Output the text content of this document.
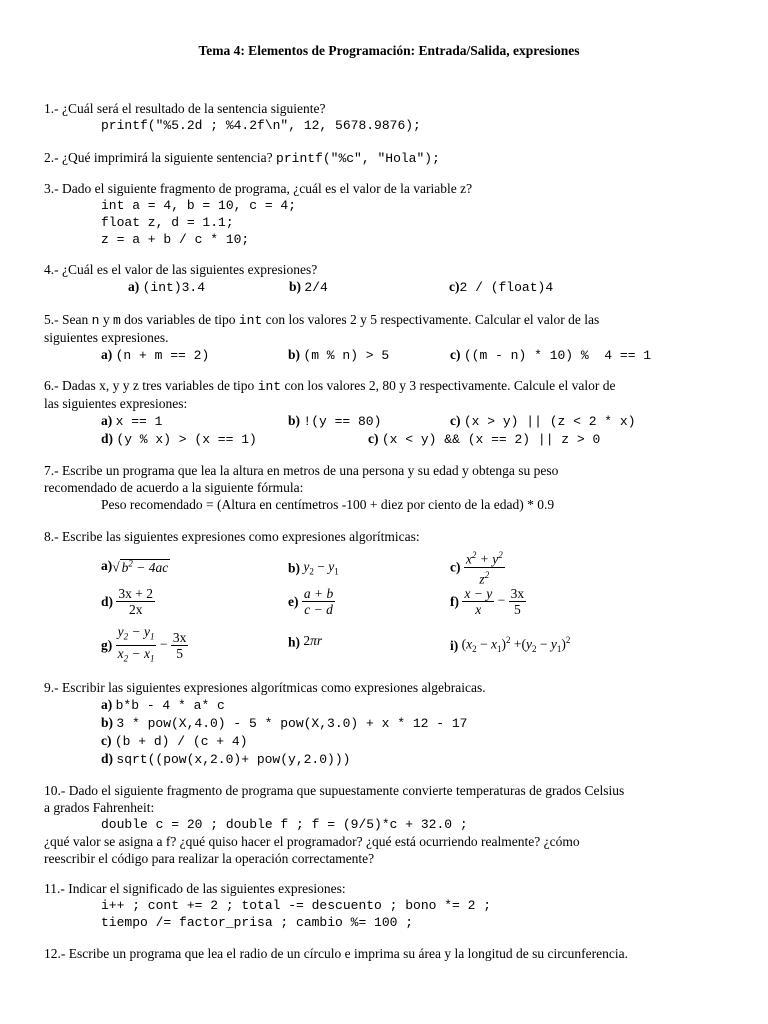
Tema 4: Elementos de Programación: Entrada/Salida, expresiones
1.- ¿Cuál será el resultado de la sentencia siguiente?
printf("%5.2d ; %4.2f\n", 12, 5678.9876);
2.- ¿Qué imprimirá la siguiente sentencia? printf("%c", "Hola");
3.- Dado el siguiente fragmento de programa, ¿cuál es el valor de la variable z?
int a = 4, b = 10, c = 4;
float z, d = 1.1;
z = a + b / c * 10;
4.- ¿Cuál es el valor de las siguientes expresiones?
a) (int)3.4	b) 2/4	c)2 / (float)4
5.- Sean n y m dos variables de tipo int con los valores 2 y 5 respectivamente. Calcular el valor de las
siguientes expresiones.
a) (n + m == 2)	b) (m % n) > 5	c) ((m - n) * 10) %  4 == 1
6.- Dadas x, y y z tres variables de tipo int con los valores 2, 80 y 3 respectivamente. Calcule el valor de
las siguientes expresiones:
a) x == 1	b) !(y == 80)	c) (x > y) || (z < 2 * x)
d) (y % x) > (x == 1)	c) (x < y) && (x == 2) || z > 0
7.- Escribe un programa que lea la altura en metros de una persona y su edad y obtenga su peso
recomendado de acuerdo a la siguiente fórmula:
Peso recomendado = (Altura en centímetros -100 + diez por ciento de la edad) * 0.9
8.- Escribe las siguientes expresiones como expresiones algorítmicas:
a)√ $b^2 - 4ac$	b) $y_2 - y_1$	$c) \frac{x^2 + y^2}{z^2}$
$d) \frac{3x + 2}{2x}$	$e) \frac{a + b}{c - d}$	$f) \frac{x - y}{x} - \frac{3x}{5}$
$g) \frac{y_2 - y_1}{x_2 - x_1} - \frac{3x}{5}$	h) 2πr	i) $(x_2 - x_1)^2 +(y_2 - y_1)^2$
9.- Escribir las siguientes expresiones algorítmicas como expresiones algebraicas.
a) b*b - 4 * a* c
b) 3 * pow(X,4.0) - 5 * pow(X,3.0) + x * 12 - 17
c) (b + d) / (c + 4)
d) sqrt((pow(x,2.0)+ pow(y,2.0)))
10.- Dado el siguiente fragmento de programa que supuestamente convierte temperaturas de grados Celsius
a grados Fahrenheit:
double c = 20 ; double f ; f = (9/5)*c + 32.0 ;
¿qué valor se asigna a f? ¿qué quiso hacer el programador? ¿qué está ocurriendo realmente? ¿cómo
reescribir el código para realizar la operación correctamente?
11.- Indicar el significado de las siguientes expresiones:
i++ ; cont += 2 ; total -= descuento ; bono *= 2 ;
tiempo /= factor_prisa ; cambio %= 100 ;
12.- Escribe un programa que lea el radio de un círculo e imprima su área y la longitud de su circunferencia.
